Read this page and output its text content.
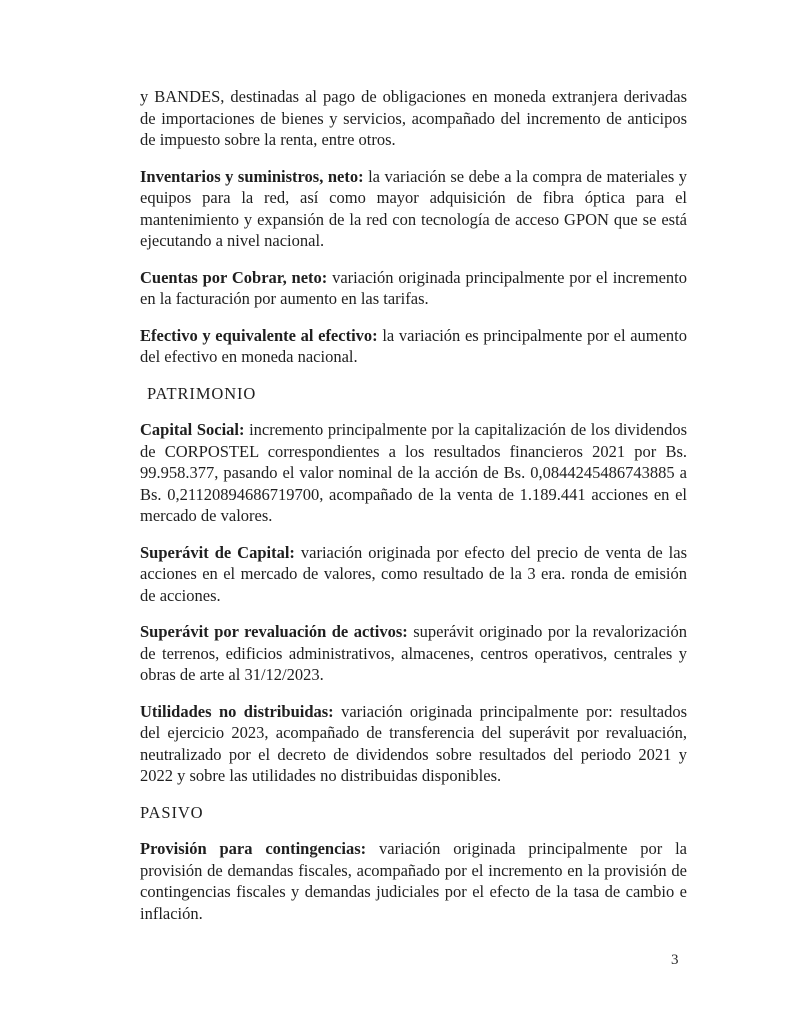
y BANDES, destinadas al pago de obligaciones en moneda extranjera derivadas de importaciones de bienes y servicios, acompañado del incremento de anticipos de impuesto sobre la renta, entre otros.

Inventarios y suministros, neto: la variación se debe a la compra de materiales y equipos para la red, así como mayor adquisición de fibra óptica para el mantenimiento y expansión de la red con tecnología de acceso GPON que se está ejecutando a nivel nacional.

Cuentas por Cobrar, neto: variación originada principalmente por el incremento en la facturación por aumento en las tarifas.

Efectivo y equivalente al efectivo: la variación es principalmente por el aumento del efectivo en moneda nacional.

PATRIMONIO

Capital Social: incremento principalmente por la capitalización de los dividendos de CORPOSTEL correspondientes a los resultados financieros 2021 por Bs. 99.958.377, pasando el valor nominal de la acción de Bs. 0,0844245486743885 a Bs. 0,21120894686719700, acompañado de la venta de 1.189.441 acciones en el mercado de valores.

Superávit de Capital: variación originada por efecto del precio de venta de las acciones en el mercado de valores, como resultado de la 3 era. ronda de emisión de acciones.

Superávit por revaluación de activos: superávit originado por la revalorización de terrenos, edificios administrativos, almacenes, centros operativos, centrales y obras de arte al 31/12/2023.

Utilidades no distribuidas: variación originada principalmente por: resultados del ejercicio 2023, acompañado de transferencia del superávit por revaluación, neutralizado por el decreto de dividendos sobre resultados del periodo 2021 y 2022 y sobre las utilidades no distribuidas disponibles.

PASIVO

Provisión para contingencias: variación originada principalmente por la provisión de demandas fiscales, acompañado por el incremento en la provisión de contingencias fiscales y demandas judiciales por el efecto de la tasa de cambio e inflación.

3
